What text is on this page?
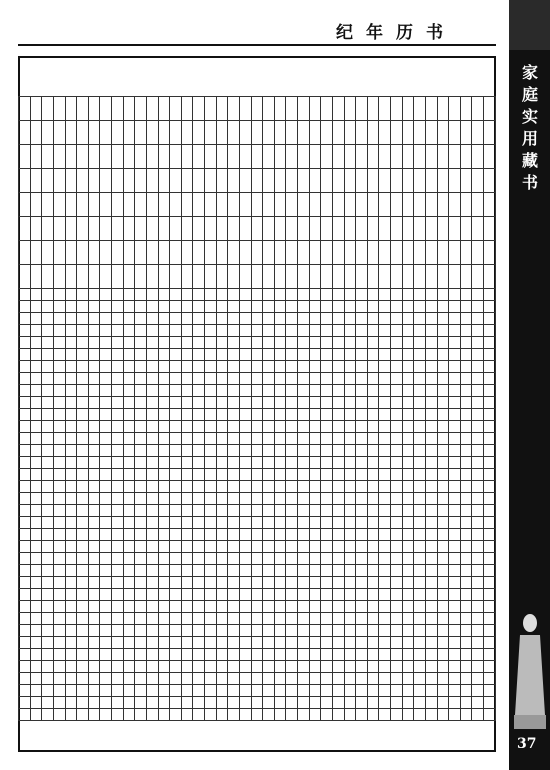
纪年历书
家庭实用藏书
37
